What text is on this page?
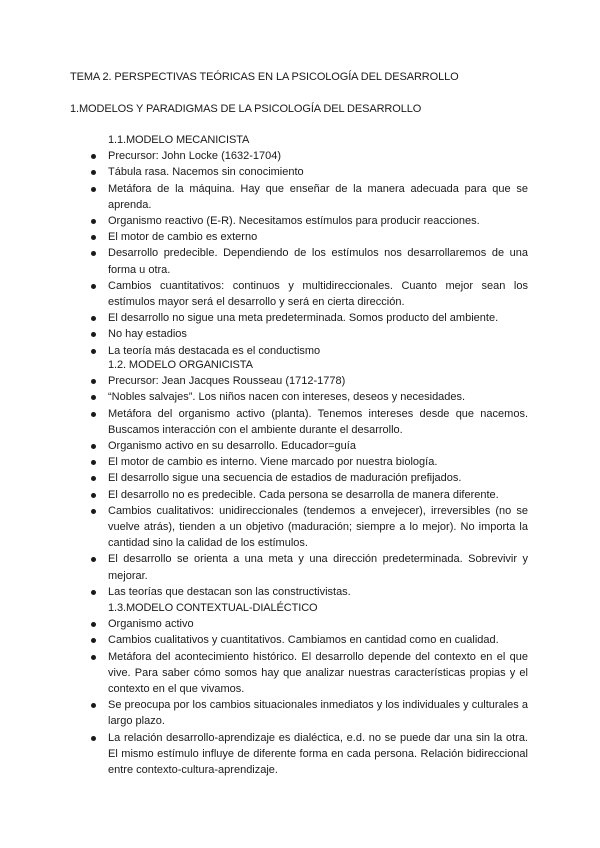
TEMA 2. PERSPECTIVAS TEÓRICAS EN LA PSICOLOGÍA DEL DESARROLLO
1.MODELOS Y PARADIGMAS DE LA PSICOLOGÍA DEL DESARROLLO
1.1.MODELO MECANICISTA
Precursor: John Locke (1632-1704)
Tábula rasa. Nacemos sin conocimiento
Metáfora de la máquina. Hay que enseñar de la manera adecuada para que se aprenda.
Organismo reactivo (E-R). Necesitamos estímulos para producir reacciones.
El motor de cambio es externo
Desarrollo predecible. Dependiendo de los estímulos nos desarrollaremos de una forma u otra.
Cambios cuantitativos: continuos y multidireccionales. Cuanto mejor sean los estímulos mayor será el desarrollo y será en cierta dirección.
El desarrollo no sigue una meta predeterminada. Somos producto del ambiente.
No hay estadios
La teoría más destacada es el conductismo
1.2. MODELO ORGANICISTA
Precursor: Jean Jacques Rousseau (1712-1778)
“Nobles salvajes”. Los niños nacen con intereses, deseos y necesidades.
Metáfora del organismo activo (planta). Tenemos intereses desde que nacemos. Buscamos interacción con el ambiente durante el desarrollo.
Organismo activo en su desarrollo. Educador=guía
El motor de cambio es interno. Viene marcado por nuestra biología.
El desarrollo sigue una secuencia de estadios de maduración prefijados.
El desarrollo no es predecible. Cada persona se desarrolla de manera diferente.
Cambios cualitativos: unidireccionales (tendemos a envejecer), irreversibles (no se vuelve atrás), tienden a un objetivo (maduración; siempre a lo mejor). No importa la cantidad sino la calidad de los estímulos.
El desarrollo se orienta a una meta y una dirección predeterminada. Sobrevivir y mejorar.
Las teorías que destacan son las constructivistas.
1.3.MODELO CONTEXTUAL-DIALÉCTICO
Organismo activo
Cambios cualitativos y cuantitativos. Cambiamos en cantidad como en cualidad.
Metáfora del acontecimiento histórico. El desarrollo depende del contexto en el que vive. Para saber cómo somos hay que analizar nuestras características propias y el contexto en el que vivamos.
Se preocupa por los cambios situacionales inmediatos y los individuales y culturales a largo plazo.
La relación desarrollo-aprendizaje es dialéctica, e.d. no se puede dar una sin la otra. El mismo estímulo influye de diferente forma en cada persona. Relación bidireccional entre contexto-cultura-aprendizaje.
